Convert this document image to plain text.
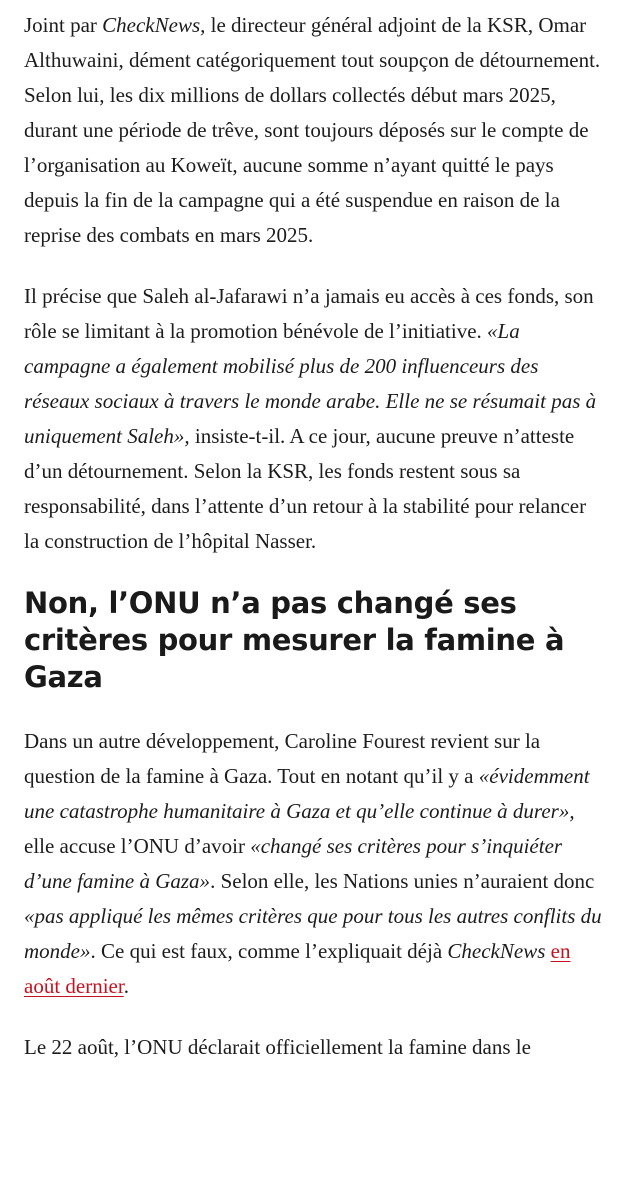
Joint par CheckNews, le directeur général adjoint de la KSR, Omar Althuwaini, dément catégoriquement tout soupçon de détournement. Selon lui, les dix millions de dollars collectés début mars 2025, durant une période de trêve, sont toujours déposés sur le compte de l’organisation au Koweït, aucune somme n’ayant quitté le pays depuis la fin de la campagne qui a été suspendue en raison de la reprise des combats en mars 2025.

Il précise que Saleh al-Jafarawi n’a jamais eu accès à ces fonds, son rôle se limitant à la promotion bénévole de l’initiative. «La campagne a également mobilisé plus de 200 influenceurs des réseaux sociaux à travers le monde arabe. Elle ne se résumait pas à uniquement Saleh», insiste-t-il. A ce jour, aucune preuve n’atteste d’un détournement. Selon la KSR, les fonds restent sous sa responsabilité, dans l’attente d’un retour à la stabilité pour relancer la construction de l’hôpital Nasser.

Non, l’ONU n’a pas changé ses critères pour mesurer la famine à Gaza

Dans un autre développement, Caroline Fourest revient sur la question de la famine à Gaza. Tout en notant qu’il y a «évidemment une catastrophe humanitaire à Gaza et qu’elle continue à durer», elle accuse l’ONU d’avoir «changé ses critères pour s’inquiéter d’une famine à Gaza». Selon elle, les Nations unies n’auraient donc «pas appliqué les mêmes critères que pour tous les autres conflits du monde». Ce qui est faux, comme l’expliquait déjà CheckNews en août dernier.

Le 22 août, l’ONU déclarait officiellement la famine dans le
